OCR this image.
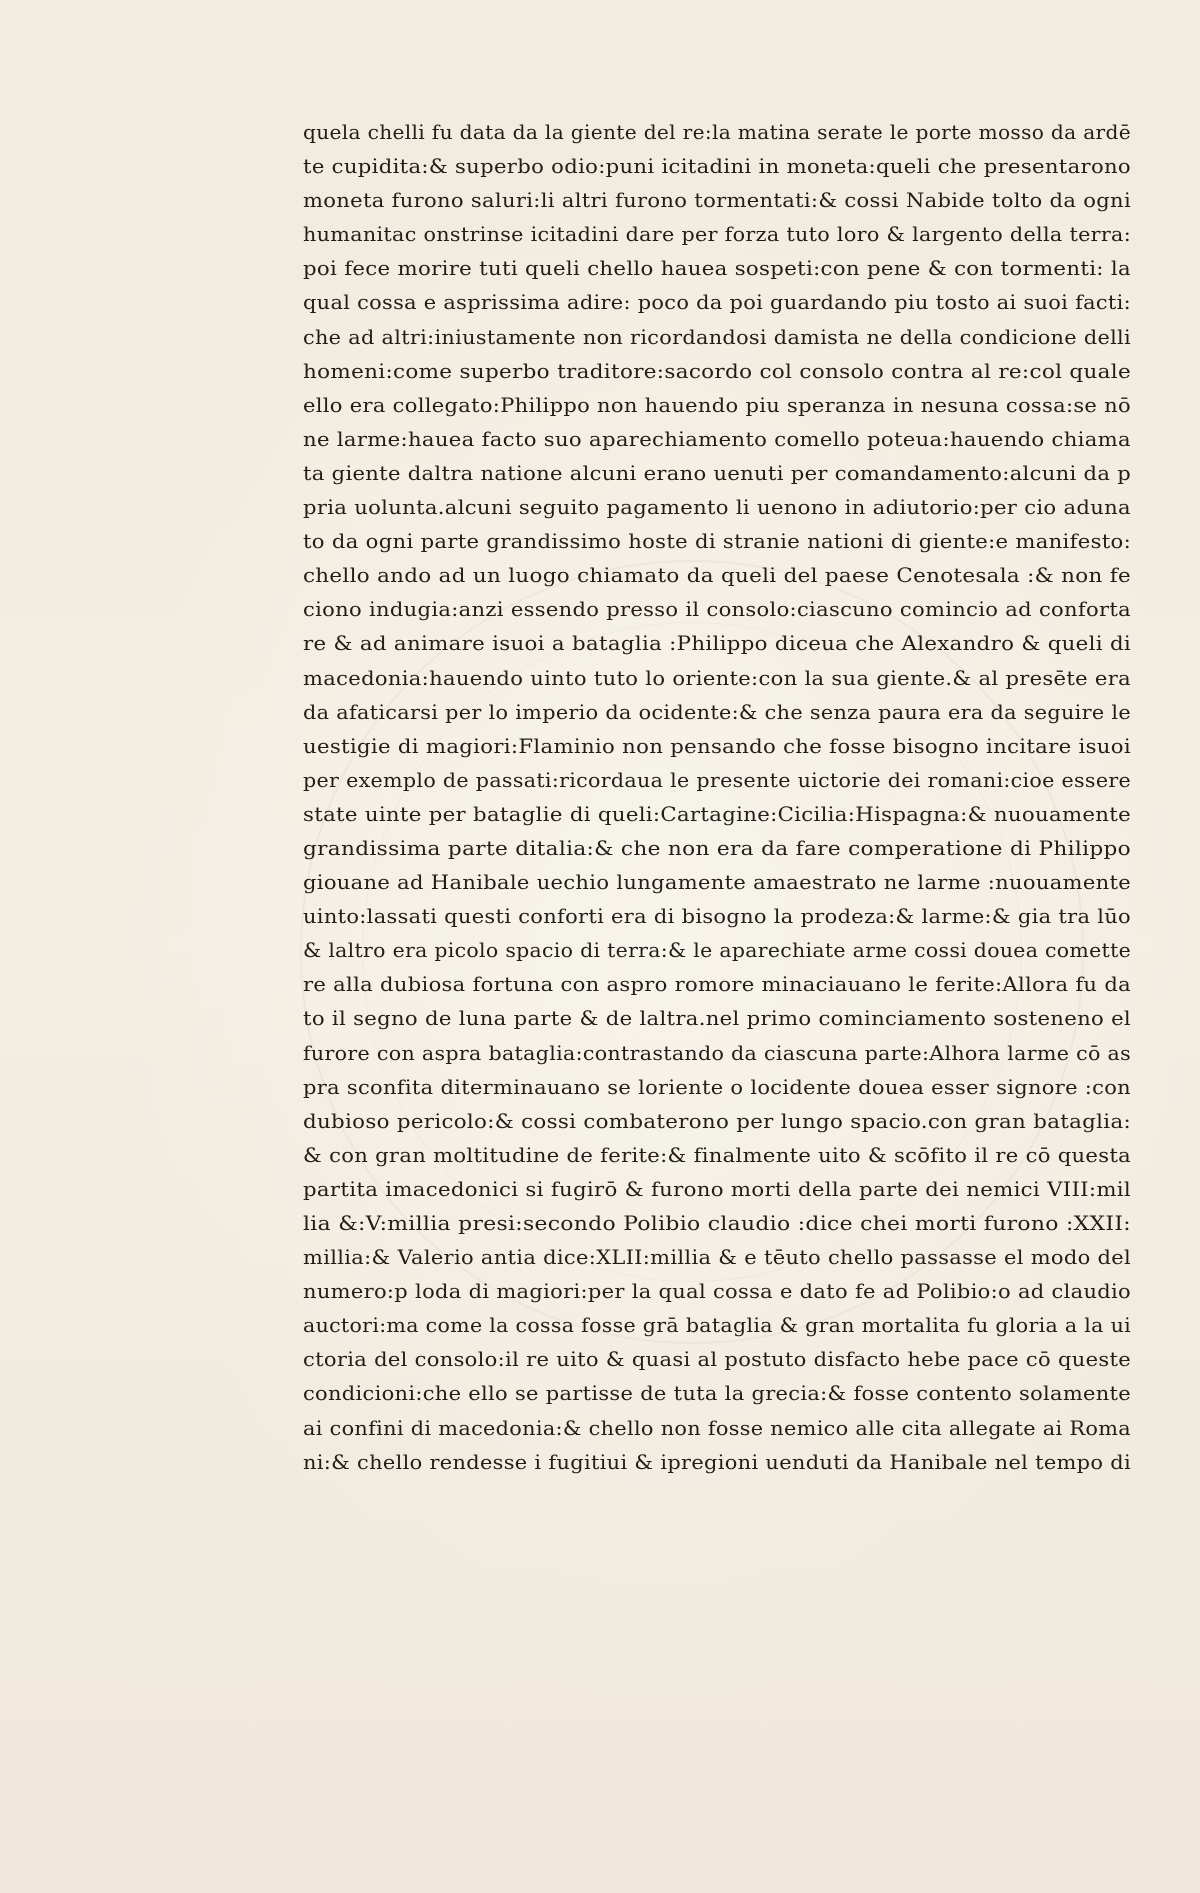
quela chelli fu data da la giente del re:la matina serate le porte mosso da ardē
te cupidita:& superbo odio:puni icitadini in moneta:queli che presentarono
moneta furono saluri:li altri furono tormentati:& cossi Nabide tolto da ogni
humanitac onstrinse icitadini dare per forza tuto loro & largento della terra:
poi fece morire tuti queli chello hauea sospeti:con pene & con tormenti: la
qual cossa e asprissima adire: poco da poi guardando piu tosto ai suoi facti:
che ad altri:iniustamente non ricordandosi damista ne della condicione delli
homeni:come superbo traditore:sacordo col consolo contra al re:col quale
ello era collegato:Philippo non hauendo piu speranza in nesuna cossa:se nō
ne larme:hauea facto suo aparechiamento comello poteua:hauendo chiama
ta giente daltra natione alcuni erano uenuti per comandamento:alcuni da p
pria uolunta.alcuni seguito pagamento li uenono in adiutorio:per cio aduna
to da ogni parte grandissimo hoste di stranie nationi di giente:e manifesto:
chello ando ad un luogo chiamato da queli del paese Cenotesala :& non fe
ciono indugia:anzi essendo presso il consolo:ciascuno comincio ad conforta
re & ad animare isuoi a bataglia :Philippo diceua che Alexandro & queli di
macedonia:hauendo uinto tuto lo oriente:con la sua giente.& al presēte era
da afaticarsi per lo imperio da ocidente:& che senza paura era da seguire le
uestigie di magiori:Flaminio non pensando che fosse bisogno incitare isuoi
per exemplo de passati:ricordaua le presente uictorie dei romani:cioe essere
state uinte per bataglie di queli:Cartagine:Cicilia:Hispagna:& nuouamente
grandissima parte ditalia:& che non era da fare comperatione di Philippo
giouane ad Hanibale uechio lungamente amaestrato ne larme :nuouamente
uinto:lassati questi conforti era di bisogno la prodeza:& larme:& gia tra lūo
& laltro era picolo spacio di terra:& le aparechiate arme cossi douea comette
re alla dubiosa fortuna con aspro romore minaciauano le ferite:Allora fu da
to il segno de luna parte & de laltra.nel primo cominciamento sosteneno el
furore con aspra bataglia:contrastando da ciascuna parte:Alhora larme cō as
pra sconfita diterminauano se loriente o locidente douea esser signore :con
dubioso pericolo:& cossi combaterono per lungo spacio.con gran bataglia:
& con gran moltitudine de ferite:& finalmente uito & scōfito il re cō questa
partita imacedonici si fugirō & furono morti della parte dei nemici VIII:mil
lia &:V:millia presi:secondo Polibio claudio :dice chei morti furono :XXII:
millia:& Valerio antia dice:XLII:millia & e tēuto chello passasse el modo del
numero:p loda di magiori:per la qual cossa e dato fe ad Polibio:o ad claudio
auctori:ma come la cossa fosse grā bataglia & gran mortalita fu gloria a la ui
ctoria del consolo:il re uito & quasi al postuto disfacto hebe pace cō queste
condicioni:che ello se partisse de tuta la grecia:& fosse contento solamente
ai confini di macedonia:& chello non fosse nemico alle cita allegate ai Roma
ni:& chello rendesse i fugitiui & ipregioni uenduti da Hanibale nel tempo di
